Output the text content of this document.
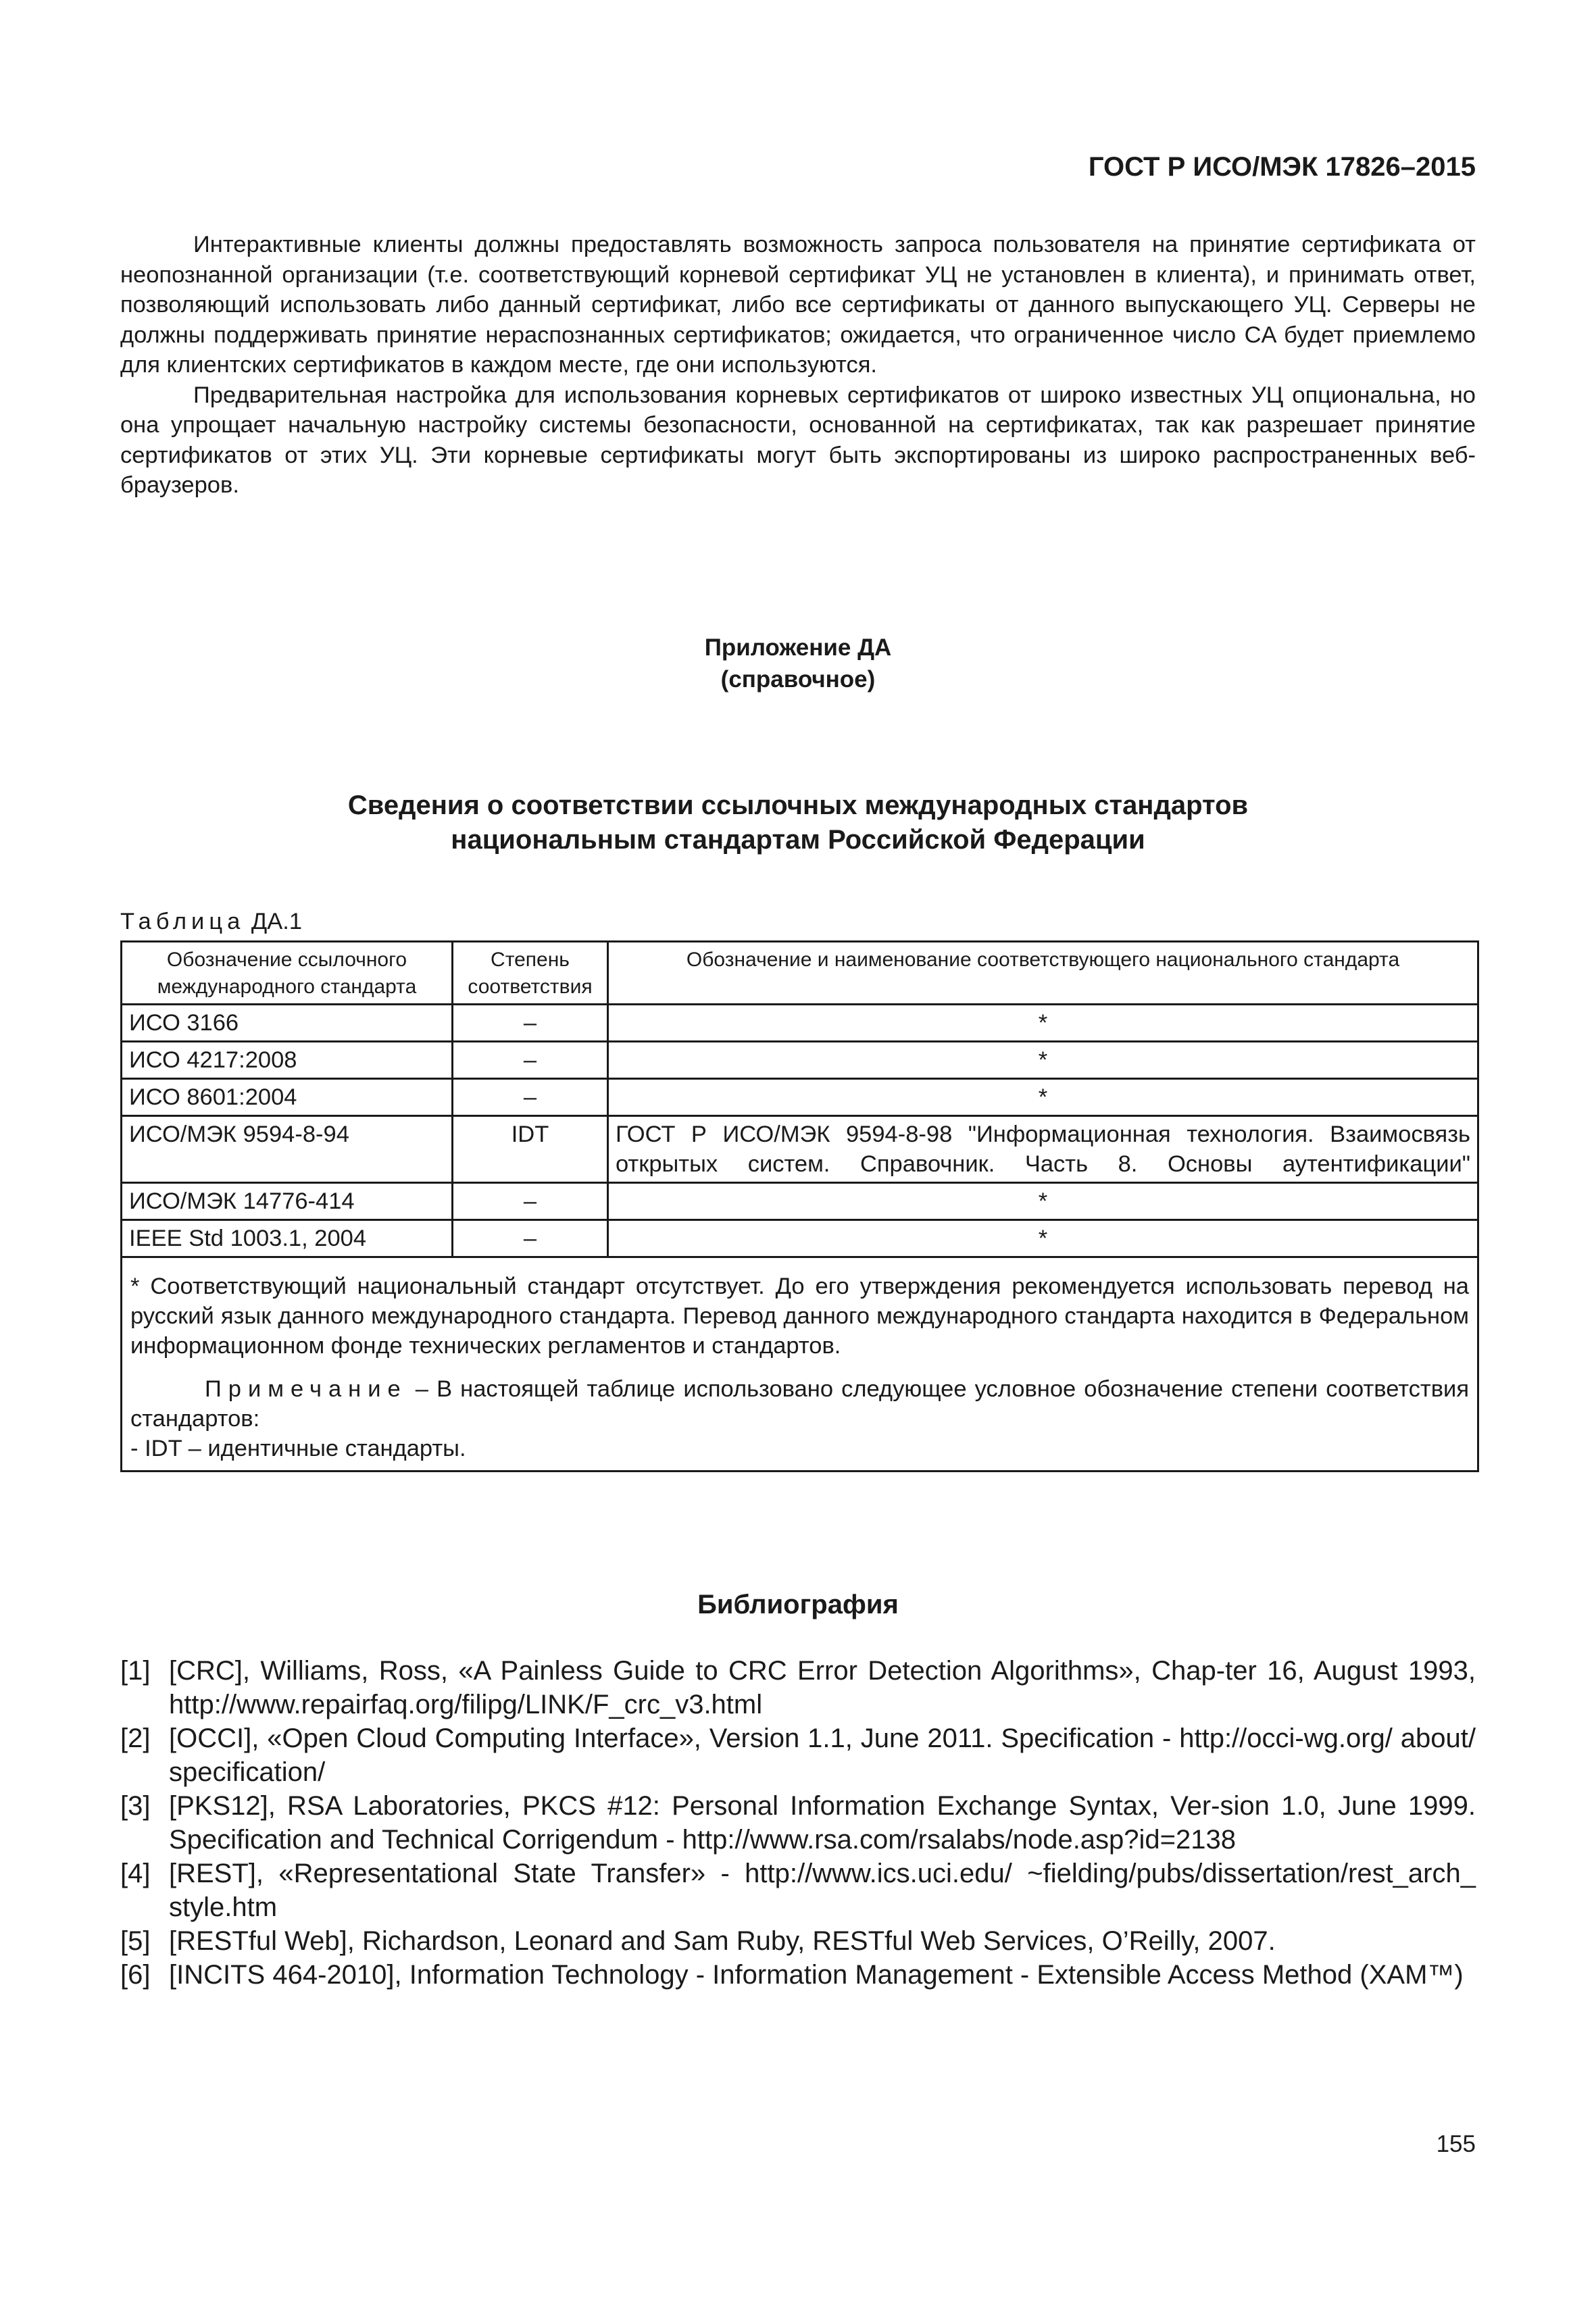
ГОСТ Р ИСО/МЭК 17826–2015

Интерактивные клиенты должны предоставлять возможность запроса пользователя на принятие сертификата от неопознанной организации (т.е. соответствующий корневой сертификат УЦ не установлен в клиента), и принимать ответ, позволяющий использовать либо данный сертификат, либо все сертификаты от данного выпускающего УЦ. Серверы не должны поддерживать принятие нераспознанных сертификатов; ожидается, что ограниченное число CA будет приемлемо для клиентских сертификатов в каждом месте, где они используются.

Предварительная настройка для использования корневых сертификатов от широко известных УЦ опциональна, но она упрощает начальную настройку системы безопасности, основанной на сертификатах, так как разрешает принятие сертификатов от этих УЦ. Эти корневые сертификаты могут быть экспортированы из широко распространенных веб-браузеров.

Приложение ДА
(справочное)
Сведения о соответствии ссылочных международных стандартов
национальным стандартам Российской Федерации
Таблица ДА.1
Обозначение ссылочного международного стандарта	Степень соответствия	Обозначение и наименование соответствующего национального стандарта
ИСО 3166	–	*
ИСО 4217:2008	–	*
ИСО 8601:2004	–	*
ИСО/МЭК 9594-8-94	IDT	ГОСТ Р ИСО/МЭК 9594-8-98 "Информационная технология. Взаимосвязь открытых систем. Справочник. Часть 8. Основы аутентификации"
ИСО/МЭК 14776-414	–	*
IEEE Std 1003.1, 2004	–	*

* Соответствующий национальный стандарт отсутствует. До его утверждения рекомендуется использовать перевод на русский язык данного международного стандарта. Перевод данного международного стандарта находится в Федеральном информационном фонде технических регламентов и стандартов.

Примечание – В настоящей таблице использовано следующее условное обозначение степени соответствия стандартов:

- IDT – идентичные стандарты.		

Библиография
[1] [CRC], Williams, Ross, «A Painless Guide to CRC Error Detection Algorithms», Chap-ter 16, August 1993, http://www.repairfaq.org/filipg/LINK/F_crc_v3.html
[2] [OCCI], «Open Cloud Computing Interface», Version 1.1, June 2011. Specification - http://occi-wg.org/ about/ specification/
[3] [PKS12], RSA Laboratories, PKCS #12: Personal Information Exchange Syntax, Ver-sion 1.0, June 1999. Specification and Technical Corrigendum - http://www.rsa.com/rsalabs/node.asp?id=2138
[4] [REST], «Representational State Transfer» - http://www.ics.uci.edu/ ~fielding/pubs/dissertation/rest_arch_ style.htm
[5] [RESTful Web], Richardson, Leonard and Sam Ruby, RESTful Web Services, O’Reilly, 2007.
[6] [INCITS 464-2010], Information Technology - Information Management - Extensible Access Method (XAM™)
155
